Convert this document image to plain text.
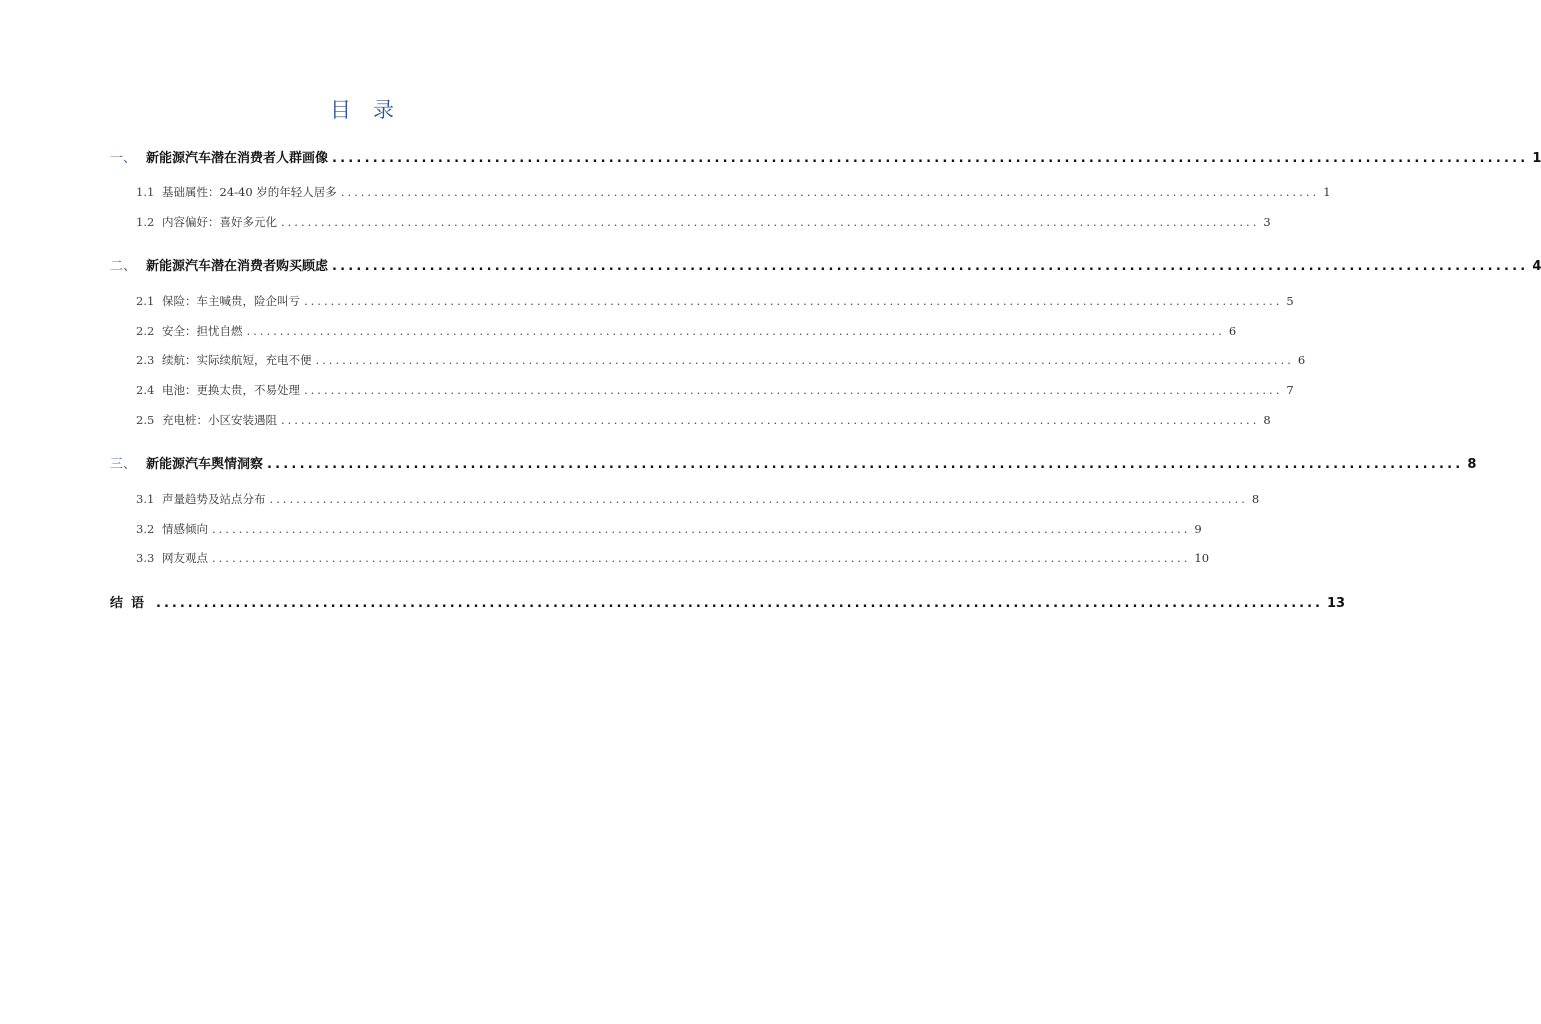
目录
一、 新能源汽车潜在消费者人群画像 ................................................................................................................................................... 1
1.1 基础属性：24-40 岁的年轻人居多 ................................................................................................................................................... 1
1.2 内容偏好：喜好多元化 ................................................................................................................................................... 3
二、 新能源汽车潜在消费者购买顾虑 ................................................................................................................................................... 4
2.1 保险：车主喊贵，险企叫亏 ................................................................................................................................................... 5
2.2 安全：担忧自燃 ................................................................................................................................................... 6
2.3 续航：实际续航短，充电不便 ................................................................................................................................................... 6
2.4 电池：更换太贵，不易处理 ................................................................................................................................................... 7
2.5 充电桩：小区安装遇阻 ................................................................................................................................................... 8
三、 新能源汽车舆情洞察 ................................................................................................................................................... 8
3.1 声量趋势及站点分布 ................................................................................................................................................... 8
3.2 情感倾向 ................................................................................................................................................... 9
3.3 网友观点 ................................................................................................................................................... 10
结语 ................................................................................................................................................... 13
